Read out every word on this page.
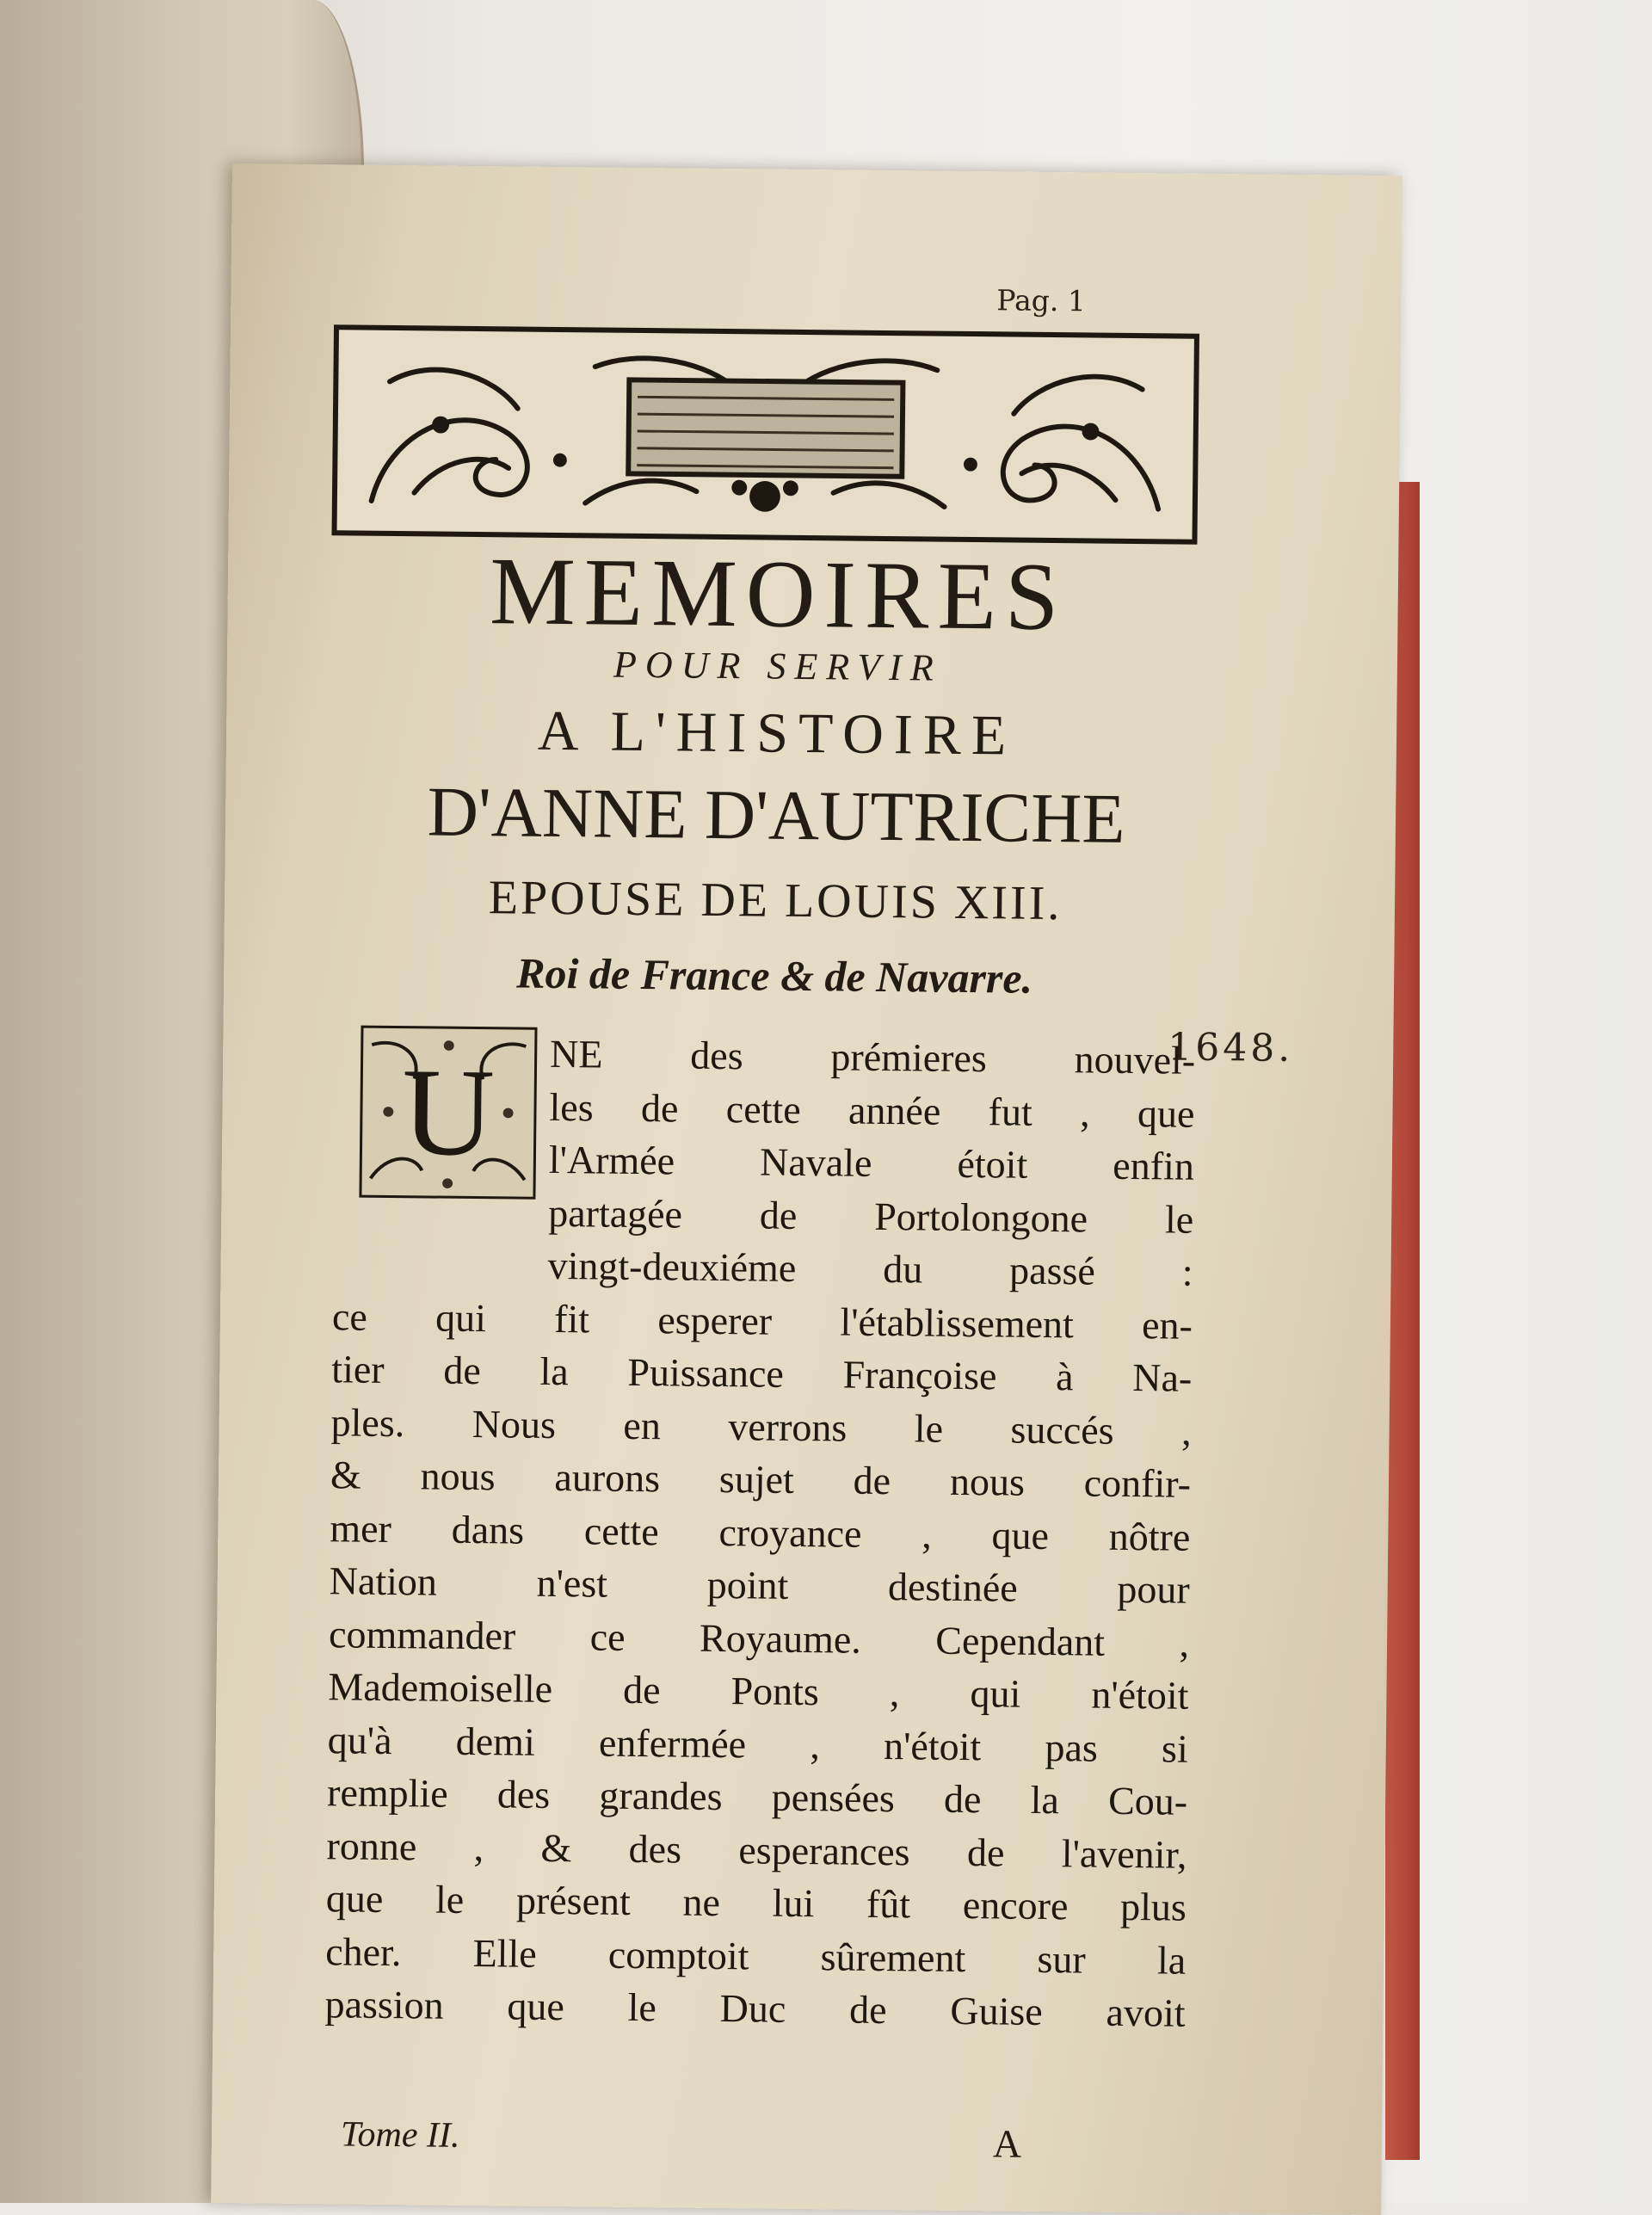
Pag. 1
MEMOIRES
POUR SERVIR
A L'HISTOIRE
D'ANNE D'AUTRICHE
EPOUSE DE LOUIS XIII.
Roi de France & de Navarre.
1648.
U	NE des prémieres nouvel-
les de cette année fut , que
l'Armée Navale étoit enfin
partagée de Portolongone le
vingt-deuxiéme du passé :
ce qui fit esperer l'établissement en-
tier de la Puissance Françoise à Na-
ples. Nous en verrons le succés ,
& nous aurons sujet de nous confir-
mer dans cette croyance , que nôtre
Nation n'est point destinée pour
commander ce Royaume. Cependant ,
Mademoiselle de Ponts , qui n'étoit
qu'à demi enfermée , n'étoit pas si
remplie des grandes pensées de la Cou-
ronne , & des esperances de l'avenir,
que le présent ne lui fût encore plus
cher. Elle comptoit sûrement sur la
passion que le Duc de Guise avoit
Tome II.	A
